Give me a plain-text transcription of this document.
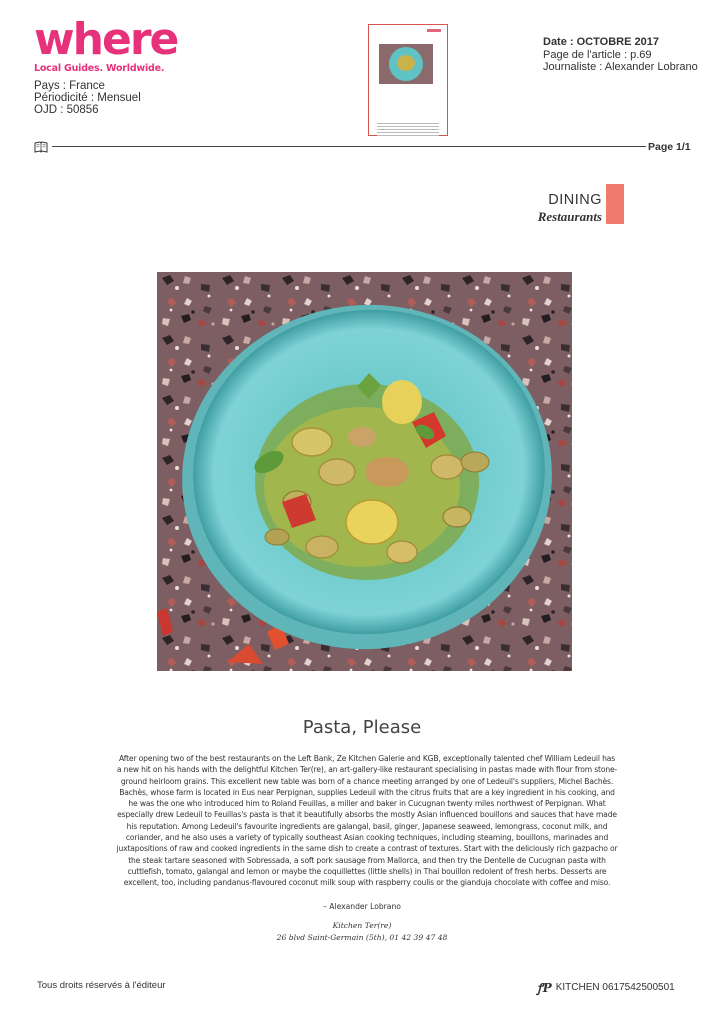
where
Local Guides. Worldwide.
Pays : France
Périodicité : Mensuel
OJD : 50856
Date : OCTOBRE 2017
Page de l'article : p.69
Journaliste : Alexander Lobrano
Page 1/1
DINING
Restaurants
Pasta, Please
After opening two of the best restaurants on the Left Bank, Ze Kitchen Galerie and KGB, exceptionally talented chef William Ledeuil has a new hit on his hands with the delightful Kitchen Ter(re), an art-gallery-like restaurant specialising in pastas made with flour from stone-ground heirloom grains. This excellent new table was born of a chance meeting arranged by one of Ledeuil's suppliers, Michel Bachès. Bachès, whose farm is located in Eus near Perpignan, supplies Ledeuil with the citrus fruits that are a key ingredient in his cooking, and he was the one who introduced him to Roland Feuillas, a miller and baker in Cucugnan twenty miles northwest of Perpignan. What especially drew Ledeuil to Feuillas's pasta is that it beautifully absorbs the mostly Asian influenced bouillons and sauces that have made his reputation. Among Ledeuil's favourite ingredients are galangal, basil, ginger, Japanese seaweed, lemongrass, coconut milk, and coriander, and he also uses a variety of typically southeast Asian cooking techniques, including steaming, bouillons, marinades and juxtapositions of raw and cooked ingredients in the same dish to create a contrast of textures. Start with the deliciously rich gazpacho or the steak tartare seasoned with Sobressada, a soft pork sausage from Mallorca, and then try the Dentelle de Cucugnan pasta with cuttlefish, tomato, galangal and lemon or maybe the coquillettes (little shells) in Thai bouillon redolent of fresh herbs. Desserts are excellent, too, including pandanus-flavoured coconut milk soup with raspberry coulis or the gianduja chocolate with coffee and miso.
– Alexander Lobrano
Kitchen Ter(re)
26 blvd Saint-Germain (5th), 01 42 39 47 48
Tous droits réservés à l'éditeur	ꝭP KITCHEN 0617542500501
